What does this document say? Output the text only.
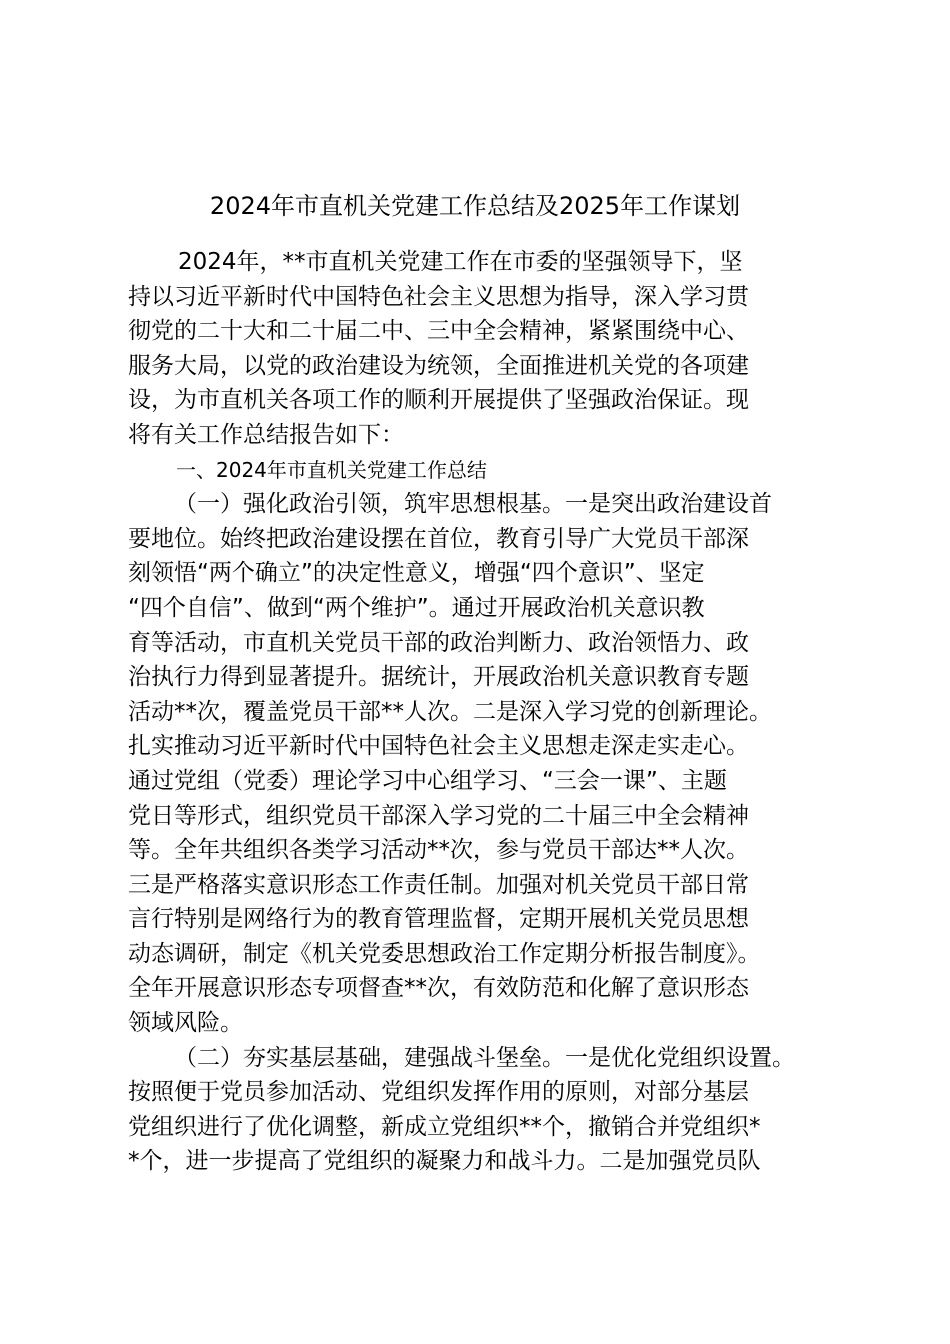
2024年市直机关党建工作总结及2025年工作谋划
2024年，**市直机关党建工作在市委的坚强领导下，坚
持以习近平新时代中国特色社会主义思想为指导，深入学习贯
彻党的二十大和二十届二中、三中全会精神，紧紧围绕中心、
服务大局，以党的政治建设为统领，全面推进机关党的各项建
设，为市直机关各项工作的顺利开展提供了坚强政治保证。现
将有关工作总结报告如下：
一、2024年市直机关党建工作总结
（一）强化政治引领，筑牢思想根基。一是突出政治建设首
要地位。始终把政治建设摆在首位，教育引导广大党员干部深
刻领悟“两个确立”的决定性意义，增强“四个意识”、坚定
“四个自信”、做到“两个维护”。通过开展政治机关意识教
育等活动，市直机关党员干部的政治判断力、政治领悟力、政
治执行力得到显著提升。据统计，开展政治机关意识教育专题
活动**次，覆盖党员干部**人次。二是深入学习党的创新理论。
扎实推动习近平新时代中国特色社会主义思想走深走实走心。
通过党组（党委）理论学习中心组学习、“三会一课”、主题
党日等形式，组织党员干部深入学习党的二十届三中全会精神
等。全年共组织各类学习活动**次，参与党员干部达**人次。
三是严格落实意识形态工作责任制。加强对机关党员干部日常
言行特别是网络行为的教育管理监督，定期开展机关党员思想
动态调研，制定《机关党委思想政治工作定期分析报告制度》。
全年开展意识形态专项督查**次，有效防范和化解了意识形态
领域风险。
（二）夯实基层基础，建强战斗堡垒。一是优化党组织设置。
按照便于党员参加活动、党组织发挥作用的原则，对部分基层
党组织进行了优化调整，新成立党组织**个，撤销合并党组织*
*个，进一步提高了党组织的凝聚力和战斗力。二是加强党员队
